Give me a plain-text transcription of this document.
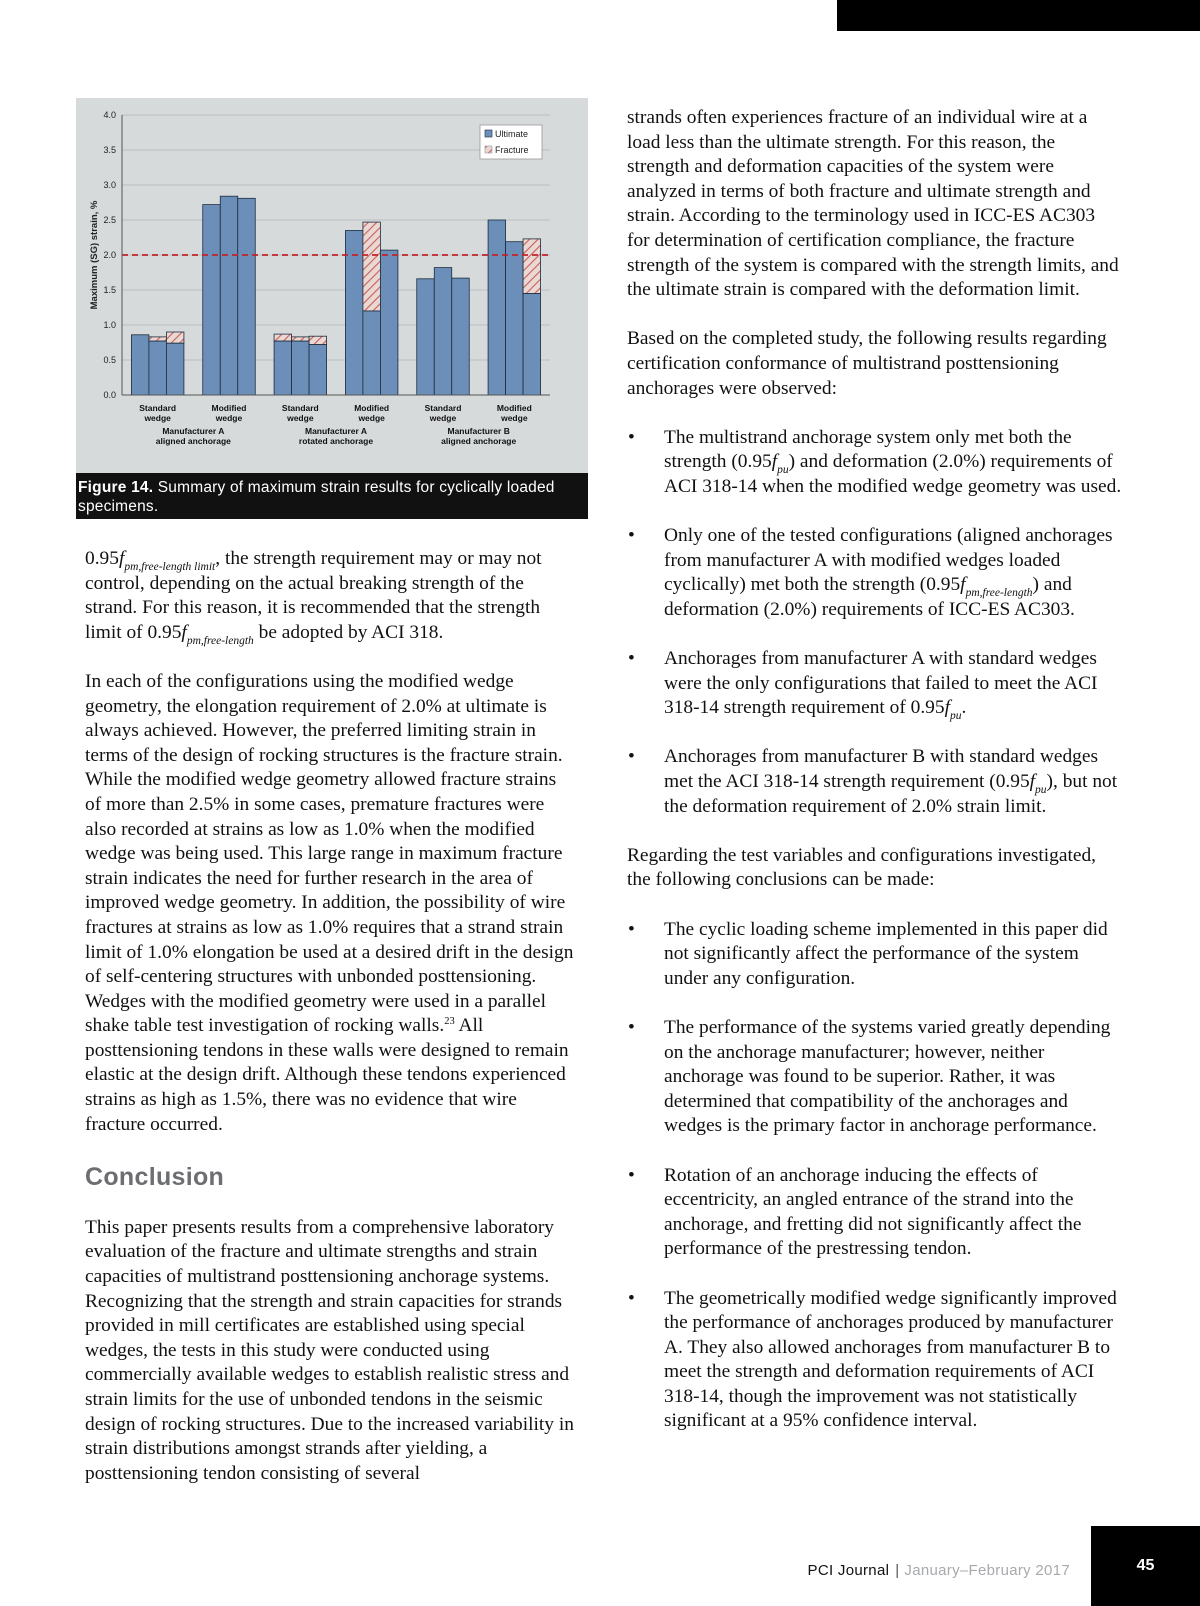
0.0
0.5
1.0
1.5
2.0
2.5
3.0
3.5
4.0
Maximum (SG) strain, %
Standard
wedge
Modified
wedge
Standard
wedge
Modified
wedge
Standard
wedge
Modified
wedge
Manufacturer A
aligned anchorage
Manufacturer A
rotated anchorage
Manufacturer B
aligned anchorage
Ultimate
Fracture
Figure 14. Summary of maximum strain results for cyclically loaded specimens.

$0.95f_{pm,free-length limit}$, the strength requirement may or may not control, depending on the actual breaking strength of the strand. For this reason, it is recommended that the strength limit of $0.95f_{pm,free-length}$ be adopted by ACI 318.

In each of the configurations using the modified wedge geometry, the elongation requirement of 2.0% at ultimate is always achieved. However, the preferred limiting strain in terms of the design of rocking structures is the fracture strain. While the modified wedge geometry allowed fracture strains of more than 2.5% in some cases, premature fractures were also recorded at strains as low as 1.0% when the modified wedge was being used. This large range in maximum fracture strain indicates the need for further research in the area of improved wedge geometry. In addition, the possibility of wire fractures at strains as low as 1.0% requires that a strand strain limit of 1.0% elongation be used at a desired drift in the design of self-centering structures with unbonded posttensioning. Wedges with the modified geometry were used in a parallel shake table test investigation of rocking walls.$^{23}$ All posttensioning tendons in these walls were designed to remain elastic at the design drift. Although these tendons experienced strains as high as 1.5%, there was no evidence that wire fracture occurred.

Conclusion

This paper presents results from a comprehensive laboratory evaluation of the fracture and ultimate strengths and strain capacities of multistrand posttensioning anchorage systems. Recognizing that the strength and strain capacities for strands provided in mill certificates are established using special wedges, the tests in this study were conducted using commercially available wedges to establish realistic stress and strain limits for the use of unbonded tendons in the seismic design of rocking structures. Due to the increased variability in strain distributions amongst strands after yielding, a posttensioning tendon consisting of several

strands often experiences fracture of an individual wire at a load less than the ultimate strength. For this reason, the strength and deformation capacities of the system were analyzed in terms of both fracture and ultimate strength and strain. According to the terminology used in ICC-ES AC303 for determination of certification compliance, the fracture strength of the system is compared with the strength limits, and the ultimate strain is compared with the deformation limit.

Based on the completed study, the following results regarding certification conformance of multistrand posttensioning anchorages were observed:

• The multistrand anchorage system only met both the strength $(0.95f_{pu})$ and deformation (2.0%) requirements of ACI 318-14 when the modified wedge geometry was used.
• Only one of the tested configurations (aligned anchorages from manufacturer A with modified wedges loaded cyclically) met both the strength $(0.95f_{pm,free-length})$ and deformation (2.0%) requirements of ICC-ES AC303.
• Anchorages from manufacturer A with standard wedges were the only configurations that failed to meet the ACI 318-14 strength requirement of $0.95f_{pu}$.
• Anchorages from manufacturer B with standard wedges met the ACI 318-14 strength requirement $(0.95f_{pu})$, but not the deformation requirement of 2.0% strain limit.

Regarding the test variables and configurations investigated, the following conclusions can be made:

• The cyclic loading scheme implemented in this paper did not significantly affect the performance of the system under any configuration.
• The performance of the systems varied greatly depending on the anchorage manufacturer; however, neither anchorage was found to be superior. Rather, it was determined that compatibility of the anchorages and wedges is the primary factor in anchorage performance.
• Rotation of an anchorage inducing the effects of eccentricity, an angled entrance of the strand into the anchorage, and fretting did not significantly affect the performance of the prestressing tendon.
• The geometrically modified wedge significantly improved the performance of anchorages produced by manufacturer A. They also allowed anchorages from manufacturer B to meet the strength and deformation requirements of ACI 318-14, though the improvement was not statistically significant at a 95% confidence interval.
PCI Journal | January–February 2017	45
